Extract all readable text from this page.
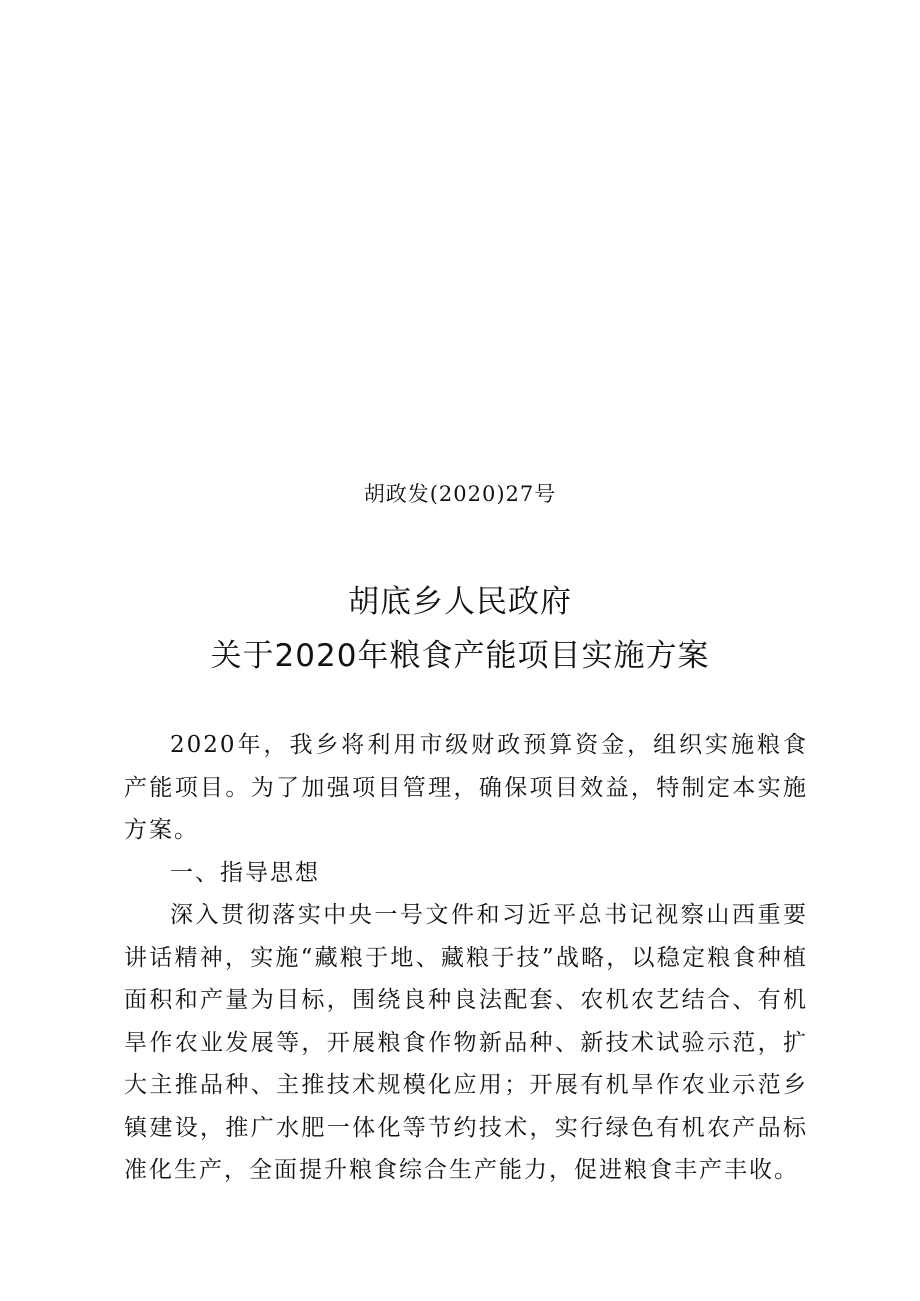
胡政发(2020)27号
胡底乡人民政府
关于2020年粮食产能项目实施方案

2020年，我乡将利用市级财政预算资金，组织实施粮食产能项目。为了加强项目管理，确保项目效益，特制定本实施方案。

一、指导思想

深入贯彻落实中央一号文件和习近平总书记视察山西重要讲话精神，实施“藏粮于地、藏粮于技”战略，以稳定粮食种植面积和产量为目标，围绕良种良法配套、农机农艺结合、有机旱作农业发展等，开展粮食作物新品种、新技术试验示范，扩大主推品种、主推技术规模化应用；开展有机旱作农业示范乡镇建设，推广水肥一体化等节约技术，实行绿色有机农产品标准化生产，全面提升粮食综合生产能力，促进粮食丰产丰收。
